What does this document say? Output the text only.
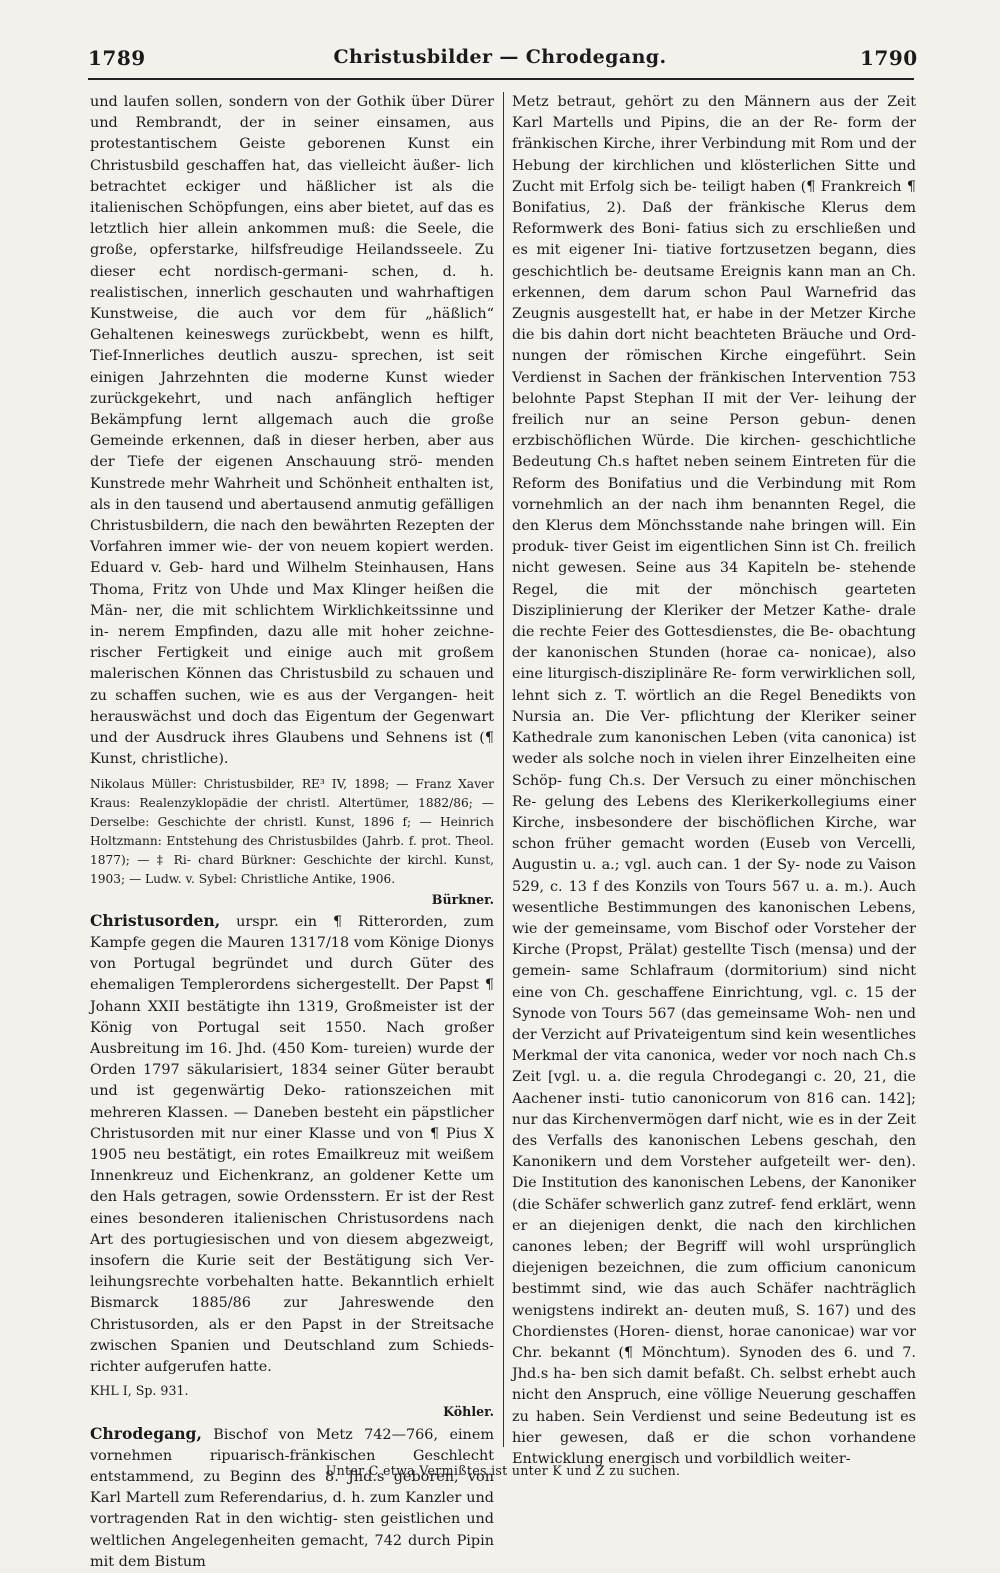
1789	Christusbilder — Chrodegang.	1790

und laufen sollen, sondern von der Gothik über Dürer und Rembrandt, der in seiner einsamen, aus protestantischem Geiste geborenen Kunst ein Christusbild geschaffen hat, das vielleicht äußer- lich betrachtet eckiger und häßlicher ist als die italienischen Schöpfungen, eins aber bietet, auf das es letztlich hier allein ankommen muß: die Seele, die große, opferstarke, hilfsfreudige Heilandsseele. Zu dieser echt nordisch-germani- schen, d. h. realistischen, innerlich geschauten und wahrhaftigen Kunstweise, die auch vor dem für „häßlich“ Gehaltenen keineswegs zurückbebt, wenn es hilft, Tief-Innerliches deutlich auszu- sprechen, ist seit einigen Jahrzehnten die moderne Kunst wieder zurückgekehrt, und nach anfänglich heftiger Bekämpfung lernt allgemach auch die große Gemeinde erkennen, daß in dieser herben, aber aus der Tiefe der eigenen Anschauung strö- menden Kunstrede mehr Wahrheit und Schönheit enthalten ist, als in den tausend und abertausend anmutig gefälligen Christusbildern, die nach den bewährten Rezepten der Vorfahren immer wie- der von neuem kopiert werden. Eduard v. Geb- hard und Wilhelm Steinhausen, Hans Thoma, Fritz von Uhde und Max Klinger heißen die Män- ner, die mit schlichtem Wirklichkeitssinne und in- nerem Empfinden, dazu alle mit hoher zeichne- rischer Fertigkeit und einige auch mit großem malerischen Können das Christusbild zu schauen und zu schaffen suchen, wie es aus der Vergangen- heit herauswächst und doch das Eigentum der Gegenwart und der Ausdruck ihres Glaubens und Sehnens ist (¶ Kunst, christliche).

Nikolaus Müller: Christusbilder, RE³ IV, 1898; — Franz Xaver Kraus: Realenzyklopädie der christl. Altertümer, 1882/86; — Derselbe: Geschichte der christl. Kunst, 1896 f; — Heinrich Holtzmann: Entstehung des Christusbildes (Jahrb. f. prot. Theol. 1877); — ‡ Ri- chard Bürkner: Geschichte der kirchl. Kunst, 1903; — Ludw. v. Sybel: Christliche Antike, 1906.

Bürkner.

Christusorden, urspr. ein ¶ Ritterorden, zum Kampfe gegen die Mauren 1317/18 vom Könige Dionys von Portugal begründet und durch Güter des ehemaligen Templerordens sichergestellt. Der Papst ¶ Johann XXII bestätigte ihn 1319, Großmeister ist der König von Portugal seit 1550. Nach großer Ausbreitung im 16. Jhd. (450 Kom- tureien) wurde der Orden 1797 säkularisiert, 1834 seiner Güter beraubt und ist gegenwärtig Deko- rationszeichen mit mehreren Klassen. — Daneben besteht ein päpstlicher Christusorden mit nur einer Klasse und von ¶ Pius X 1905 neu bestätigt, ein rotes Emailkreuz mit weißem Innenkreuz und Eichenkranz, an goldener Kette um den Hals getragen, sowie Ordensstern. Er ist der Rest eines besonderen italienischen Christusordens nach Art des portugiesischen und von diesem abgezweigt, insofern die Kurie seit der Bestätigung sich Ver- leihungsrechte vorbehalten hatte. Bekanntlich erhielt Bismarck 1885/86 zur Jahreswende den Christusorden, als er den Papst in der Streitsache zwischen Spanien und Deutschland zum Schieds- richter aufgerufen hatte.

KHL I, Sp. 931.

Köhler.

Chrodegang, Bischof von Metz 742—766, einem vornehmen ripuarisch-fränkischen Geschlecht entstammend, zu Beginn des 8. Jhd.s geboren, von Karl Martell zum Referendarius, d. h. zum Kanzler und vortragenden Rat in den wichtig- sten geistlichen und weltlichen Angelegenheiten gemacht, 742 durch Pipin mit dem Bistum

Metz betraut, gehört zu den Männern aus der Zeit Karl Martells und Pipins, die an der Re- form der fränkischen Kirche, ihrer Verbindung mit Rom und der Hebung der kirchlichen und klösterlichen Sitte und Zucht mit Erfolg sich be- teiligt haben (¶ Frankreich ¶ Bonifatius, 2). Daß der fränkische Klerus dem Reformwerk des Boni- fatius sich zu erschließen und es mit eigener Ini- tiative fortzusetzen begann, dies geschichtlich be- deutsame Ereignis kann man an Ch. erkennen, dem darum schon Paul Warnefrid das Zeugnis ausgestellt hat, er habe in der Metzer Kirche die bis dahin dort nicht beachteten Bräuche und Ord- nungen der römischen Kirche eingeführt. Sein Verdienst in Sachen der fränkischen Intervention 753 belohnte Papst Stephan II mit der Ver- leihung der freilich nur an seine Person gebun- denen erzbischöflichen Würde. Die kirchen- geschichtliche Bedeutung Ch.s haftet neben seinem Eintreten für die Reform des Bonifatius und die Verbindung mit Rom vornehmlich an der nach ihm benannten Regel, die den Klerus dem Mönchsstande nahe bringen will. Ein produk- tiver Geist im eigentlichen Sinn ist Ch. freilich nicht gewesen. Seine aus 34 Kapiteln be- stehende Regel, die mit der mönchisch gearteten Disziplinierung der Kleriker der Metzer Kathe- drale die rechte Feier des Gottesdienstes, die Be- obachtung der kanonischen Stunden (horae ca- nonicae), also eine liturgisch-disziplinäre Re- form verwirklichen soll, lehnt sich z. T. wörtlich an die Regel Benedikts von Nursia an. Die Ver- pflichtung der Kleriker seiner Kathedrale zum kanonischen Leben (vita canonica) ist weder als solche noch in vielen ihrer Einzelheiten eine Schöp- fung Ch.s. Der Versuch zu einer mönchischen Re- gelung des Lebens des Klerikerkollegiums einer Kirche, insbesondere der bischöflichen Kirche, war schon früher gemacht worden (Euseb von Vercelli, Augustin u. a.; vgl. auch can. 1 der Sy- node zu Vaison 529, c. 13 f des Konzils von Tours 567 u. a. m.). Auch wesentliche Bestimmungen des kanonischen Lebens, wie der gemeinsame, vom Bischof oder Vorsteher der Kirche (Propst, Prälat) gestellte Tisch (mensa) und der gemein- same Schlafraum (dormitorium) sind nicht eine von Ch. geschaffene Einrichtung, vgl. c. 15 der Synode von Tours 567 (das gemeinsame Woh- nen und der Verzicht auf Privateigentum sind kein wesentliches Merkmal der vita canonica, weder vor noch nach Ch.s Zeit [vgl. u. a. die regula Chrodegangi c. 20, 21, die Aachener insti- tutio canonicorum von 816 can. 142]; nur das Kirchenvermögen darf nicht, wie es in der Zeit des Verfalls des kanonischen Lebens geschah, den Kanonikern und dem Vorsteher aufgeteilt wer- den). Die Institution des kanonischen Lebens, der Kanoniker (die Schäfer schwerlich ganz zutref- fend erklärt, wenn er an diejenigen denkt, die nach den kirchlichen canones leben; der Begriff will wohl ursprünglich diejenigen bezeichnen, die zum officium canonicum bestimmt sind, wie das auch Schäfer nachträglich wenigstens indirekt an- deuten muß, S. 167) und des Chordienstes (Horen- dienst, horae canonicae) war vor Chr. bekannt (¶ Mönchtum). Synoden des 6. und 7. Jhd.s ha- ben sich damit befaßt. Ch. selbst erhebt auch nicht den Anspruch, eine völlige Neuerung geschaffen zu haben. Sein Verdienst und seine Bedeutung ist es hier gewesen, daß er die schon vorhandene Entwicklung energisch und vorbildlich weiter-

Unter C etwa Vermißtes ist unter K und Z zu suchen.
